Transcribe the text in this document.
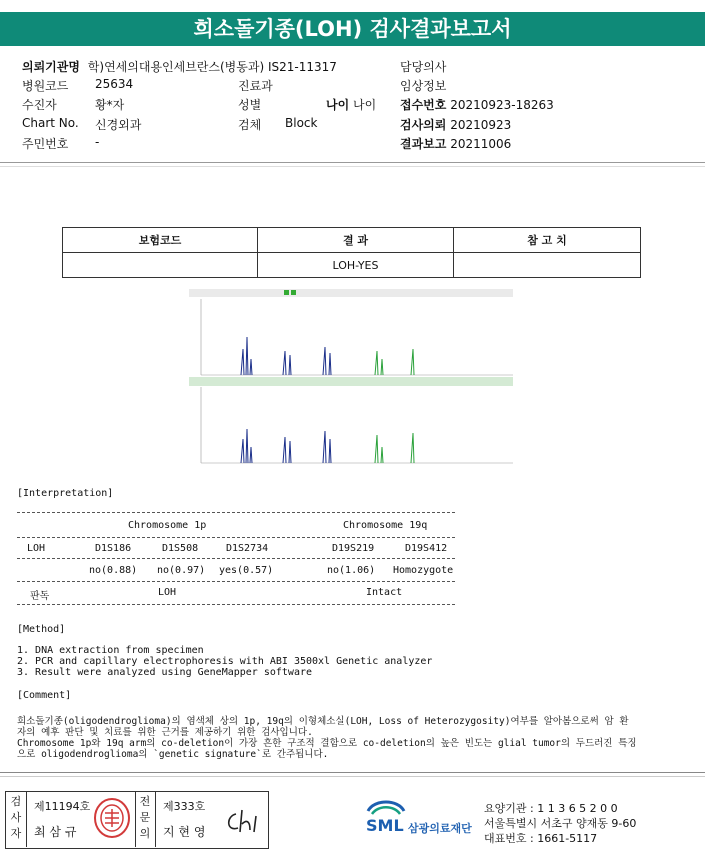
희소돌기종(LOH) 검사결과보고서
의뢰기관명 학)연세의대용인세브란스(병동과) IS21-11317
병원코드 25634
수진자	황*자
Chart No. 신경외과
주민번호 -
진료과
성별	나이 나이
검체 Block
담당의사
임상정보
접수번호 20210923-18263
검사의뢰 20210923
결과보고 20211006
보험코드	결 과	참 고 치
	LOH-YES	
[Interpretation]
Chromosome 1p	Chromosome 19q
LOH	D1S186	D1S508	D1S2734	D19S219	D19S412
no(0.88) no(0.97) yes(0.57)	no(1.06) Homozygote
판독	LOH	Intact
[Method]
1. DNA extraction from specimen
2. PCR and capillary electrophoresis with ABI 3500xl Genetic analyzer
3. Result were analyzed using GeneMapper software
[Comment]
희소돌기종(oligodendroglioma)의 염색체 상의 1p, 19q의 이형체소실(LOH, Loss of Heterozygosity)여부를 알아봄으로써 암 환
자의 예후 판단 및 치료를 위한 근거를 제공하기 위한 검사입니다.
Chromosome 1p와 19q arm의 co-deletion이 가장 흔한 구조적 결함으로 co-deletion의 높은 빈도는 glial tumor의 두드러진 특징
으로 oligodendroglioma의 `genetic signature`로 간주됩니다.
검사자
제11194호
최 삼 규
전문의
제333호
지 현 영	SML 삼광의료재단
요양기관 : 1 1 3 6 5 2 0 0
서울특별시 서초구 양재동 9-60
대표번호 : 1661-5117
